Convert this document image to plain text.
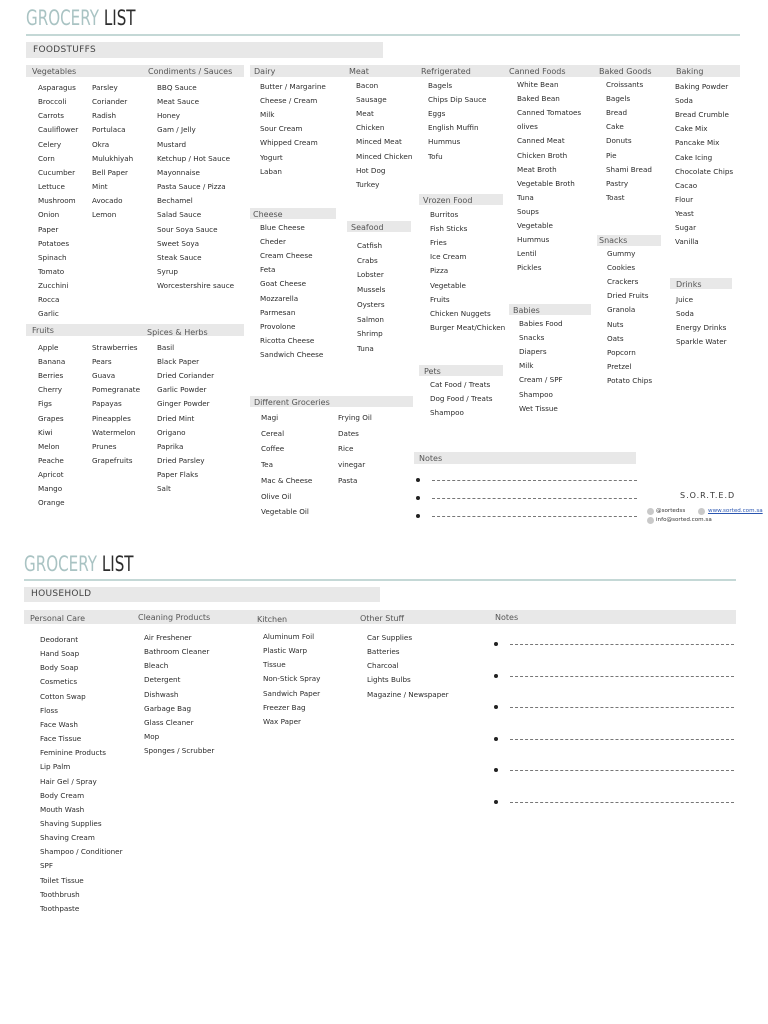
GROCERY LIST
FOODSTUFFS
Vegetables
Asparagus
Broccoli
Carrots
Cauliflower
Celery
Corn
Cucumber
Lettuce
Mushroom
Onion
Paper
Potatoes
Spinach
Tomato
Zucchini
Rocca
Garlic
Parsley
Coriander
Radish
Portulaca
Okra
Mulukhiyah
Bell Paper
Mint
Avocado
Lemon
Condiments / Sauces
BBQ Sauce
Meat Sauce
Honey
Gam / Jelly
Mustard
Ketchup / Hot Sauce
Mayonnaise
Pasta Sauce / Pizza
Bechamel
Salad Sauce
Sour Soya Sauce
Sweet Soya
Steak Sauce
Syrup
Worcestershire sauce
Dairy
Butter / Margarine
Cheese / Cream
Milk
Sour Cream
Whipped Cream
Yogurt
Laban
Meat
Bacon
Sausage
Meat
Chicken
Minced Meat
Minced Chicken
Hot Dog
Turkey
Refrigerated
Bagels
Chips Dip Sauce
Eggs
English Muffin
Hummus
Tofu
Canned Foods
White Bean
Baked Bean
Canned Tomatoes
olives
Canned Meat
Chicken Broth
Meat Broth
Vegetable Broth
Tuna
Soups
Vegetable
Hummus
Lentil
Pickles
Baked Goods
Croissants
Bagels
Bread
Cake
Donuts
Pie
Shami Bread
Pastry
Toast
Baking
Baking Powder
Soda
Bread Crumble
Cake Mix
Pancake Mix
Cake Icing
Chocolate Chips
Cacao
Flour
Yeast
Sugar
Vanilla
Cheese
Blue Cheese
Cheder
Cream Cheese
Feta
Goat Cheese
Mozzarella
Parmesan
Provolone
Ricotta Cheese
Sandwich Cheese
Seafood
Catfish
Crabs
Lobster
Mussels
Oysters
Salmon
Shrimp
Tuna
Vrozen Food
Burritos
Fish Sticks
Fries
Ice Cream
Pizza
Vegetable
Fruits
Chicken Nuggets
Burger Meat/Chicken
Snacks
Gummy
Cookies
Crackers
Dried Fruits
Granola
Nuts
Oats
Popcorn
Pretzel
Potato Chips
Drinks
Juice
Soda
Energy Drinks
Sparkle Water
Babies
Babies Food
Snacks
Diapers
Milk
Cream / SPF
Shampoo
Wet Tissue
Fruits
Apple
Banana
Berries
Cherry
Figs
Grapes
Kiwi
Melon
Peache
Apricot
Mango
Orange
Strawberries
Pears
Guava
Pomegranate
Papayas
Pineapples
Watermelon
Prunes
Grapefruits
Spices & Herbs
Basil
Black Paper
Dried Coriander
Garlic Powder
Ginger Powder
Dried Mint
Origano
Paprika
Dried Parsley
Paper Flaks
Salt
Pets
Cat Food / Treats
Dog Food / Treats
Shampoo
Different Groceries
Magi
Cereal
Coffee
Tea
Mac & Cheese
Olive Oil
Vegetable Oil
Frying Oil
Dates
Rice
vinegar
Pasta
Notes
S.O.R.T.E.D
@sortedss	www.sorted.com.sa
info@sorted.com.sa
GROCERY LIST
HOUSEHOLD
Personal Care
Deodorant
Hand Soap
Body Soap
Cosmetics
Cotton Swap
Floss
Face Wash
Face Tissue
Feminine Products
Lip Palm
Hair Gel / Spray
Body Cream
Mouth Wash
Shaving Supplies
Shaving Cream
Shampoo / Conditioner
SPF
Toilet Tissue
Toothbrush
Toothpaste
Cleaning Products
Air Freshener
Bathroom Cleaner
Bleach
Detergent
Dishwash
Garbage Bag
Glass Cleaner
Mop
Sponges / Scrubber
Kitchen
Aluminum Foil
Plastic Warp
Tissue
Non-Stick Spray
Sandwich Paper
Freezer Bag
Wax Paper
Other Stuff
Car Supplies
Batteries
Charcoal
Lights Bulbs
Magazine / Newspaper
Notes
